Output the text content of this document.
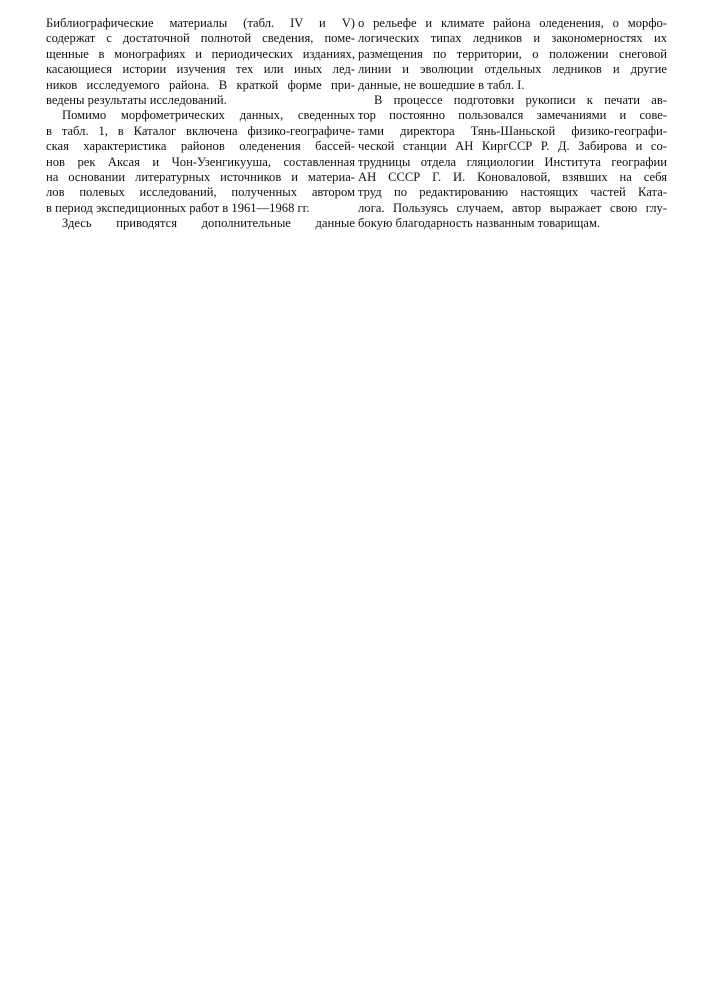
Библиографические материалы (табл. IV и V)
содержат с достаточной полнотой сведения, поме-
щенные в монографиях и периодических изданиях,
касающиеся истории изучения тех или иных лед-
ников исследуемого района. В краткой форме при-
ведены результаты исследований.
Помимо морфометрических данных, сведенных
в табл. 1, в Каталог включена физико-географиче-
ская характеристика районов оледенения бассей-
нов рек Аксая и Чон-Узенгикууша, составленная
на основании литературных источников и материа-
лов полевых исследований, полученных автором
в период экспедиционных работ в 1961—1968 гг.
Здесь приводятся дополнительные данные
о рельефе и климате района оледенения, о морфо-
логических типах ледников и закономерностях их
размещения по территории, о положении снеговой
линии и эволюции отдельных ледников и другие
данные, не вошедшие в табл. I.
В процессе подготовки рукописи к печати ав-
тор постоянно пользовался замечаниями и сове-
тами директора Тянь-Шаньской физико-географи-
ческой станции АН КиргССР Р. Д. Забирова и со-
трудницы отдела гляциологии Института географии
АН СССР Г. И. Коноваловой, взявших на себя
труд по редактированию настоящих частей Ката-
лога. Пользуясь случаем, автор выражает свою глу-
бокую благодарность названным товарищам.
